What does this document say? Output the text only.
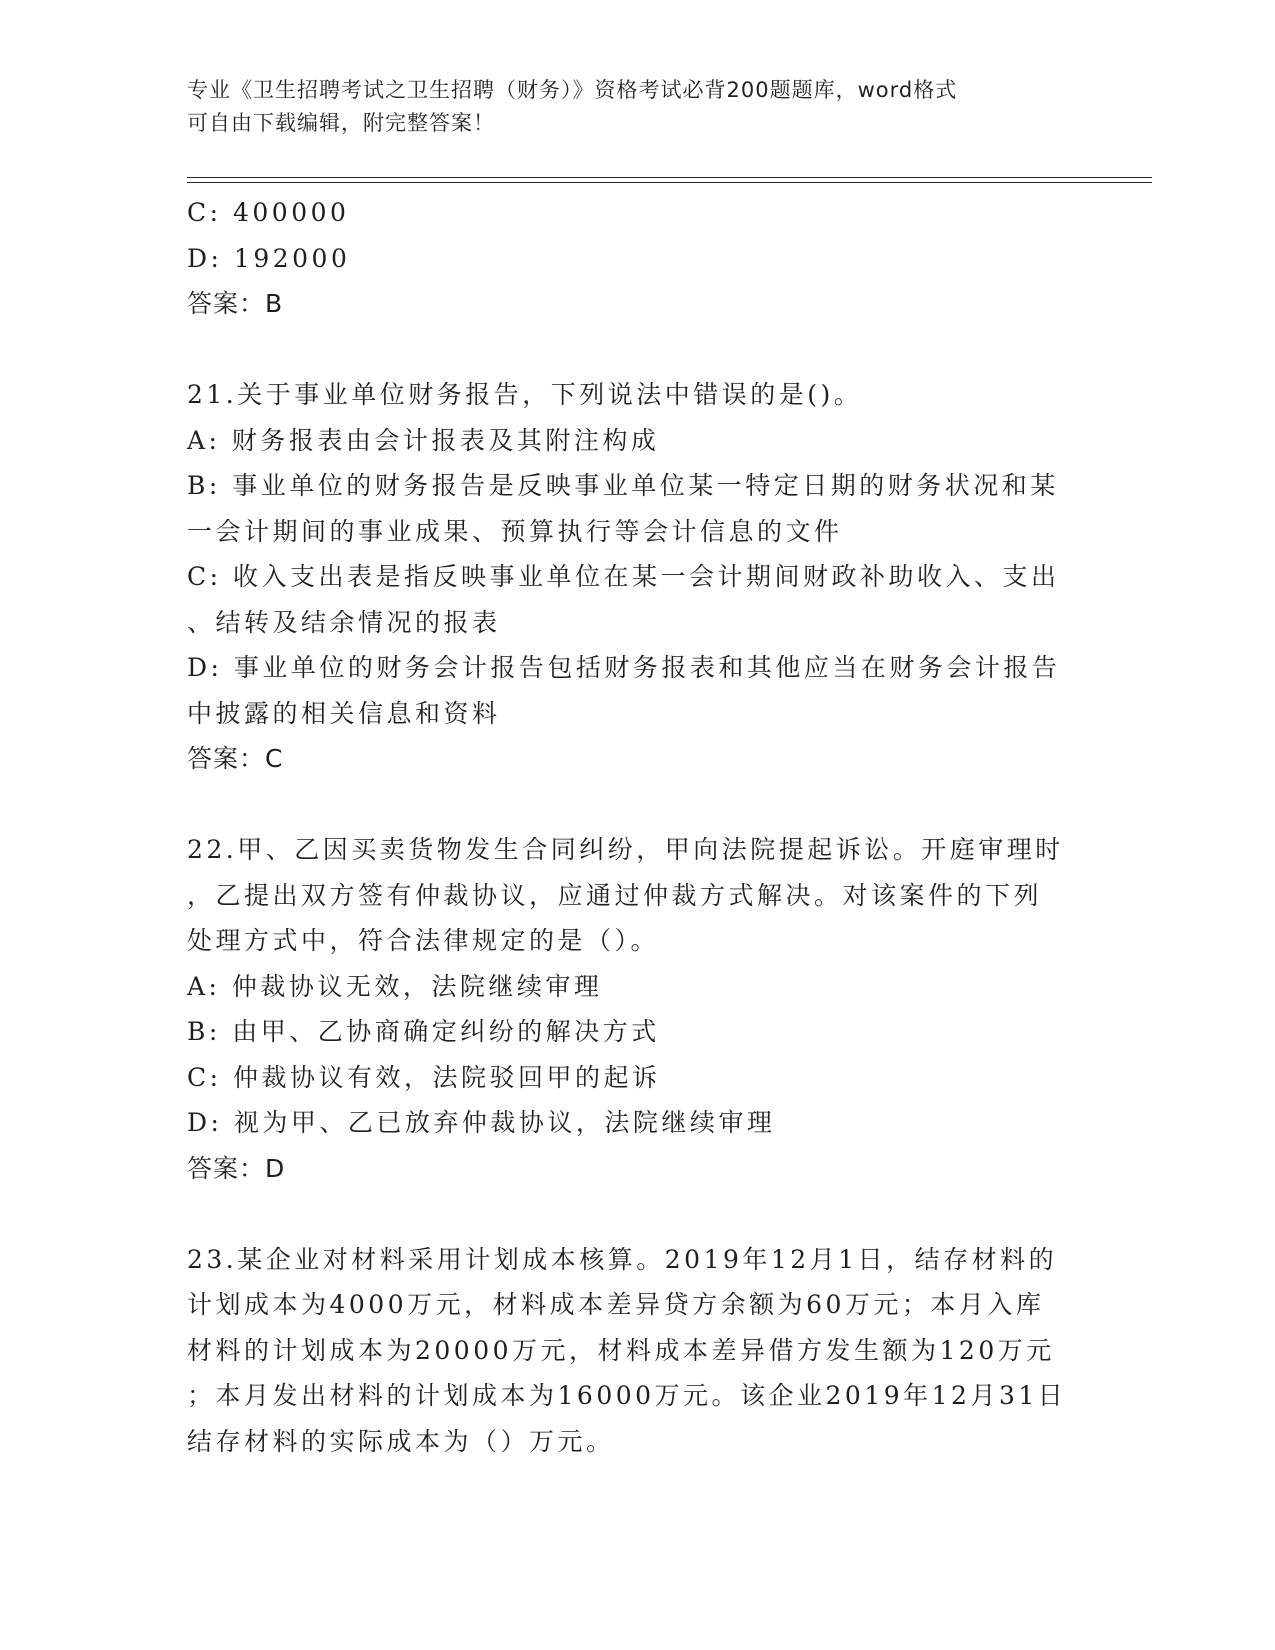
专业《卫生招聘考试之卫生招聘（财务）》资格考试必背200题题库，word格式
可自由下载编辑，附完整答案！
C: 400000
D: 192000
答案：B
21.关于事业单位财务报告，下列说法中错误的是()。
A: 财务报表由会计报表及其附注构成
B: 事业单位的财务报告是反映事业单位某一特定日期的财务状况和某
一会计期间的事业成果、预算执行等会计信息的文件
C: 收入支出表是指反映事业单位在某一会计期间财政补助收入、支出
、结转及结余情况的报表
D: 事业单位的财务会计报告包括财务报表和其他应当在财务会计报告
中披露的相关信息和资料
答案：C
22.甲、乙因买卖货物发生合同纠纷，甲向法院提起诉讼。开庭审理时
，乙提出双方签有仲裁协议，应通过仲裁方式解决。对该案件的下列
处理方式中，符合法律规定的是（）。
A: 仲裁协议无效，法院继续审理
B: 由甲、乙协商确定纠纷的解决方式
C: 仲裁协议有效，法院驳回甲的起诉
D: 视为甲、乙已放弃仲裁协议，法院继续审理
答案：D
23.某企业对材料采用计划成本核算。2019年12月1日，结存材料的
计划成本为4000万元，材料成本差异贷方余额为60万元；本月入库
材料的计划成本为20000万元，材料成本差异借方发生额为120万元
；本月发出材料的计划成本为16000万元。该企业2019年12月31日
结存材料的实际成本为（）万元。
